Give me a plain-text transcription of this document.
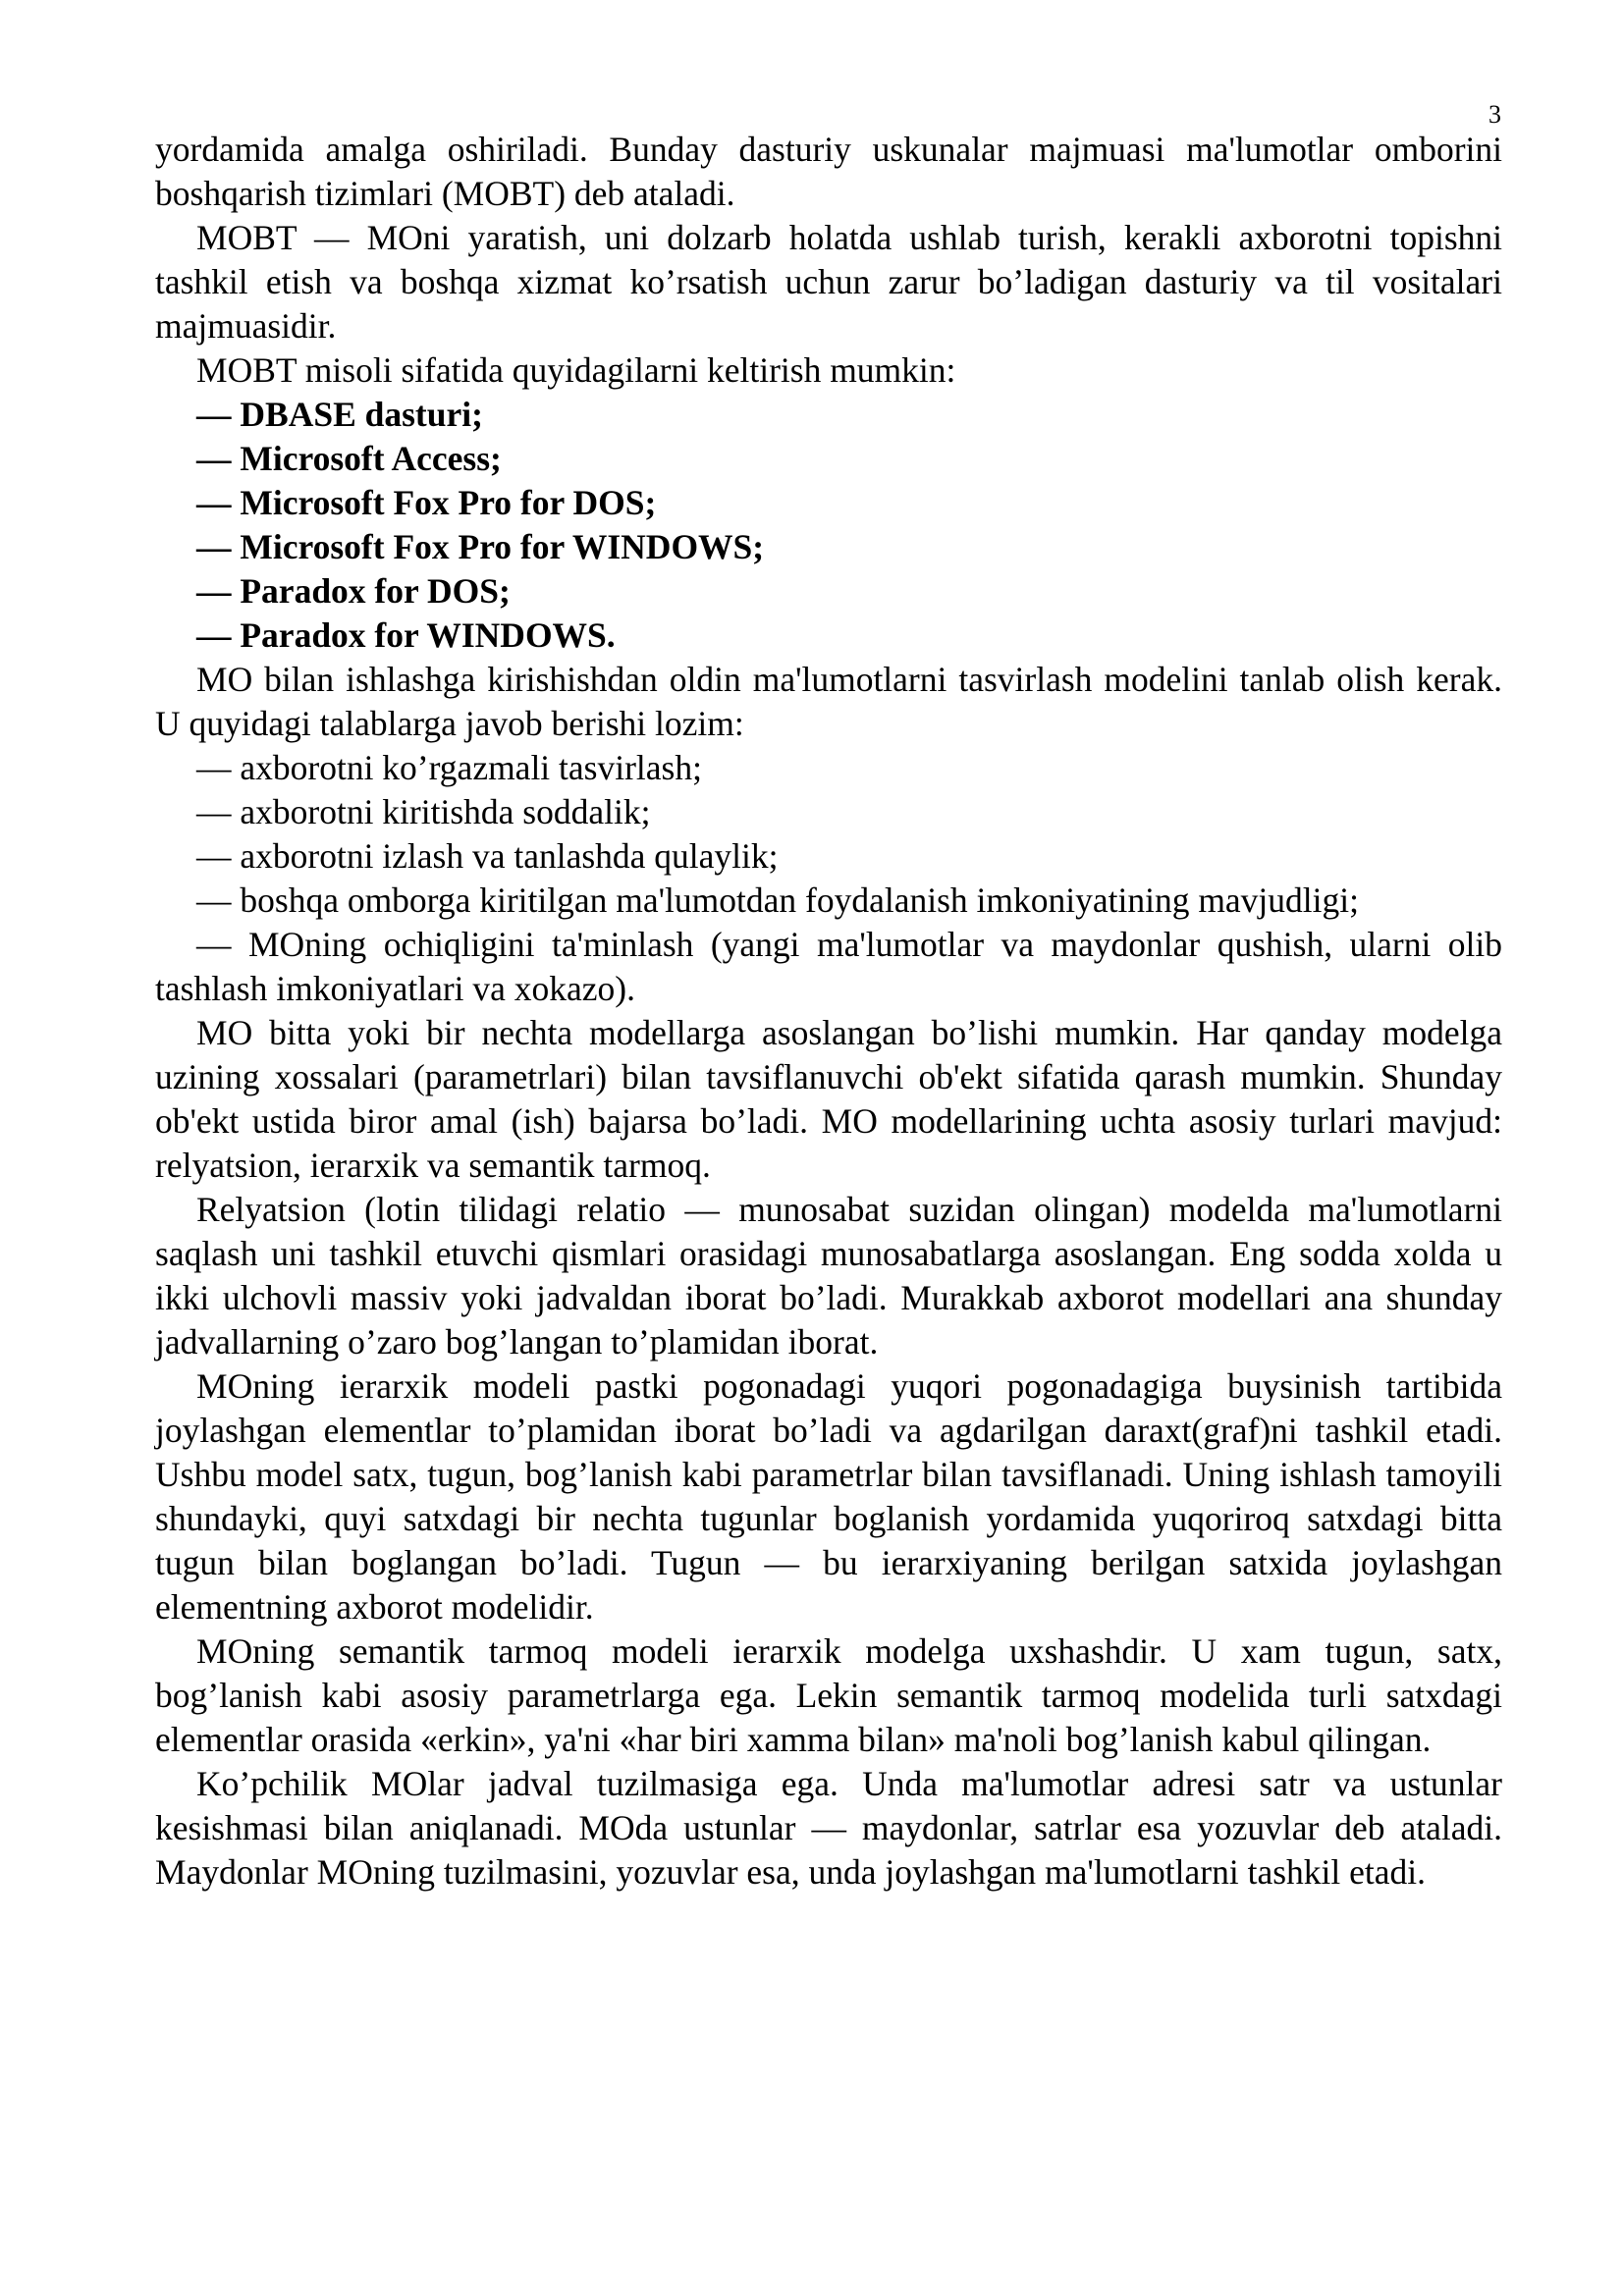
3

yordamida amalga oshiriladi. Bunday dasturiy uskunalar majmuasi ma'lumotlar omborini boshqarish tizimlari (MOBT) deb ataladi.

MOBT — MOni yaratish, uni dolzarb holatda ushlab turish, kerakli axborotni topishni tashkil etish va boshqa xizmat ko’rsatish uchun zarur bo’ladigan dasturiy va til vositalari majmuasidir.

MOBT misoli sifatida quyidagilarni keltirish mumkin:

— DBASE dasturi;

— Microsoft Access;

— Microsoft Fox Pro for DOS;

— Microsoft Fox Pro for WINDOWS;

— Paradox for DOS;

— Paradox for WINDOWS.

MO bilan ishlashga kirishishdan oldin ma'lumotlarni tasvirlash modelini tanlab olish kerak. U quyidagi talablarga javob berishi lozim:

— axborotni ko’rgazmali tasvirlash;

— axborotni kiritishda soddalik;

— axborotni izlash va tanlashda qulaylik;

— boshqa omborga kiritilgan ma'lumotdan foydalanish imkoniyatining mavjudligi;

— MOning ochiqligini ta'minlash (yangi ma'lumotlar va maydonlar qushish, ularni olib tashlash imkoniyatlari va xokazo).

MO bitta yoki bir nechta modellarga asoslangan bo’lishi mumkin. Har qanday modelga uzining xossalari (parametrlari) bilan tavsiflanuvchi ob'ekt sifatida qarash mumkin. Shunday ob'ekt ustida biror amal (ish) bajarsa bo’ladi. MO modellarining uchta asosiy turlari mavjud: relyatsion, ierarxik va semantik tarmoq.

Relyatsion (lotin tilidagi relatio — munosabat suzidan olingan) modelda ma'lumotlarni saqlash uni tashkil etuvchi qismlari orasidagi munosabatlarga asoslangan. Eng sodda xolda u ikki ulchovli massiv yoki jadvaldan iborat bo’ladi. Murakkab axborot modellari ana shunday jadvallarning o’zaro bog’langan to’plamidan iborat.

MOning ierarxik modeli pastki pogonadagi yuqori pogonadagiga buysinish tartibida joylashgan elementlar to’plamidan iborat bo’ladi va agdarilgan daraxt(graf)ni tashkil etadi. Ushbu model satx, tugun, bog’lanish kabi parametrlar bilan tavsiflanadi. Uning ishlash tamoyili shundayki, quyi satxdagi bir nechta tugunlar boglanish yordamida yuqoriroq satxdagi bitta tugun bilan boglangan bo’ladi. Tugun — bu ierarxiyaning berilgan satxida joylashgan elementning axborot modelidir.

MOning semantik tarmoq modeli ierarxik modelga uxshashdir. U xam tugun, satx, bog’lanish kabi asosiy parametrlarga ega. Lekin semantik tarmoq modelida turli satxdagi elementlar orasida «erkin», ya'ni «har biri xamma bilan» ma'noli bog’lanish kabul qilingan.

Ko’pchilik MOlar jadval tuzilmasiga ega. Unda ma'lumotlar adresi satr va ustunlar kesishmasi bilan aniqlanadi. MOda ustunlar — maydonlar, satrlar esa yozuvlar deb ataladi. Maydonlar MOning tuzilmasini, yozuvlar esa, unda joylashgan ma'lumotlarni tashkil etadi.
